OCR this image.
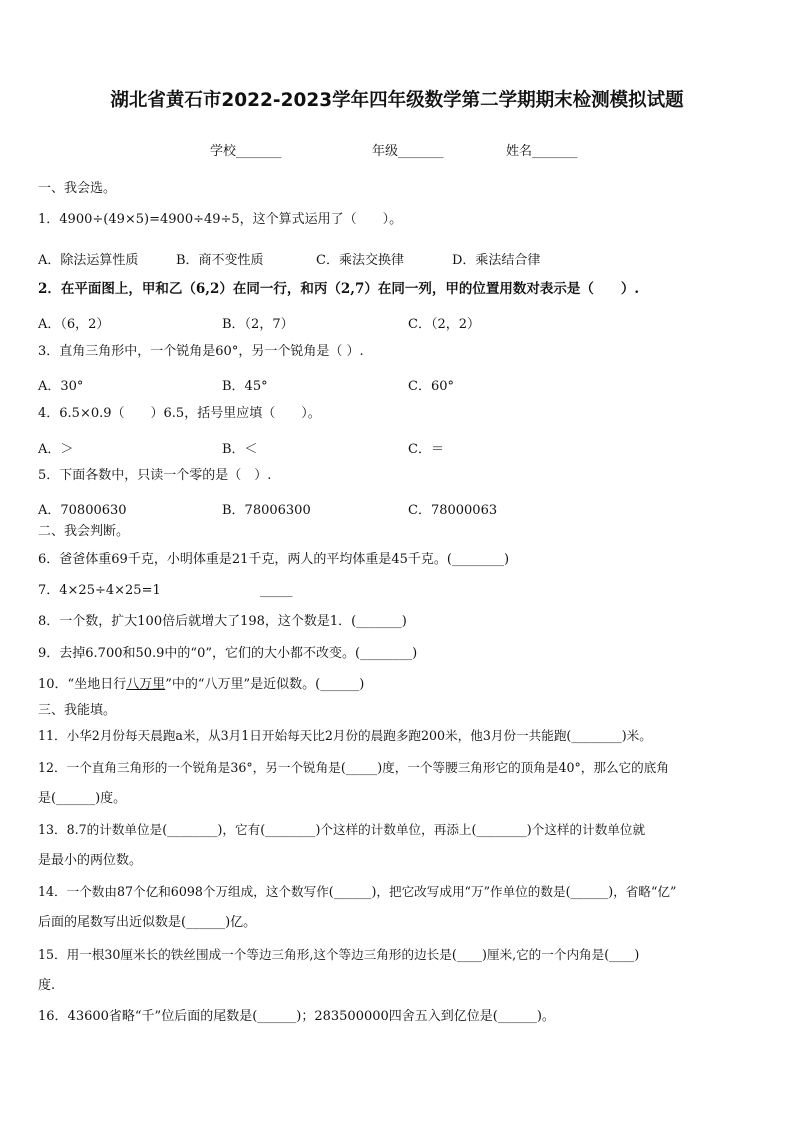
湖北省黄石市2022-2023学年四年级数学第二学期期末检测模拟试题
学校_______	年级_______	姓名_______
一、我会选。
1．4900÷(49×5)=4900÷49÷5，这个算式运用了（　　）。
A．除法运算性质	B．商不变性质	C．乘法交换律	D．乘法结合律
2．在平面图上，甲和乙（6,2）在同一行，和丙（2,7）在同一列，甲的位置用数对表示是（　　）.
A．（6，2）	B．（2，7）	C．（2，2）
3．直角三角形中，一个锐角是60°，另一个锐角是（ ）.
A．30°	B．45°	C．60°
4．6.5×0.9（　　）6.5，括号里应填（　　）。
A．＞	B．＜	C．＝
5．下面各数中，只读一个零的是（　）.
A．70800630	B．78006300	C．78000063
二、我会判断。
6．爸爸体重69千克，小明体重是21千克，两人的平均体重是45千克。(________)
7．4×25÷4×25=1	_____
8．一个数，扩大100倍后就增大了198，这个数是1．(_______)
9．去掉6.700和50.9中的“0”，它们的大小都不改变。(________)
10．“坐地日行八万里”中的“八万里”是近似数。(______)
三、我能填。
11．小华2月份每天晨跑a米，从3月1日开始每天比2月份的晨跑多跑200米，他3月份一共能跑(________)米。
12．一个直角三角形的一个锐角是36°，另一个锐角是(_____)度，一个等腰三角形它的顶角是40°，那么它的底角
是(______)度。
13．8.7的计数单位是(________)，它有(________)个这样的计数单位，再添上(________)个这样的计数单位就
是最小的两位数。
14．一个数由87个亿和6098个万组成，这个数写作(______)，把它改写成用“万”作单位的数是(______)，省略“亿”
后面的尾数写出近似数是(______)亿。
15．用一根30厘米长的铁丝围成一个等边三角形,这个等边三角形的边长是(____)厘米,它的一个内角是(____)
度.
16．43600省略“千”位后面的尾数是(______)；283500000四舍五入到亿位是(______)。
